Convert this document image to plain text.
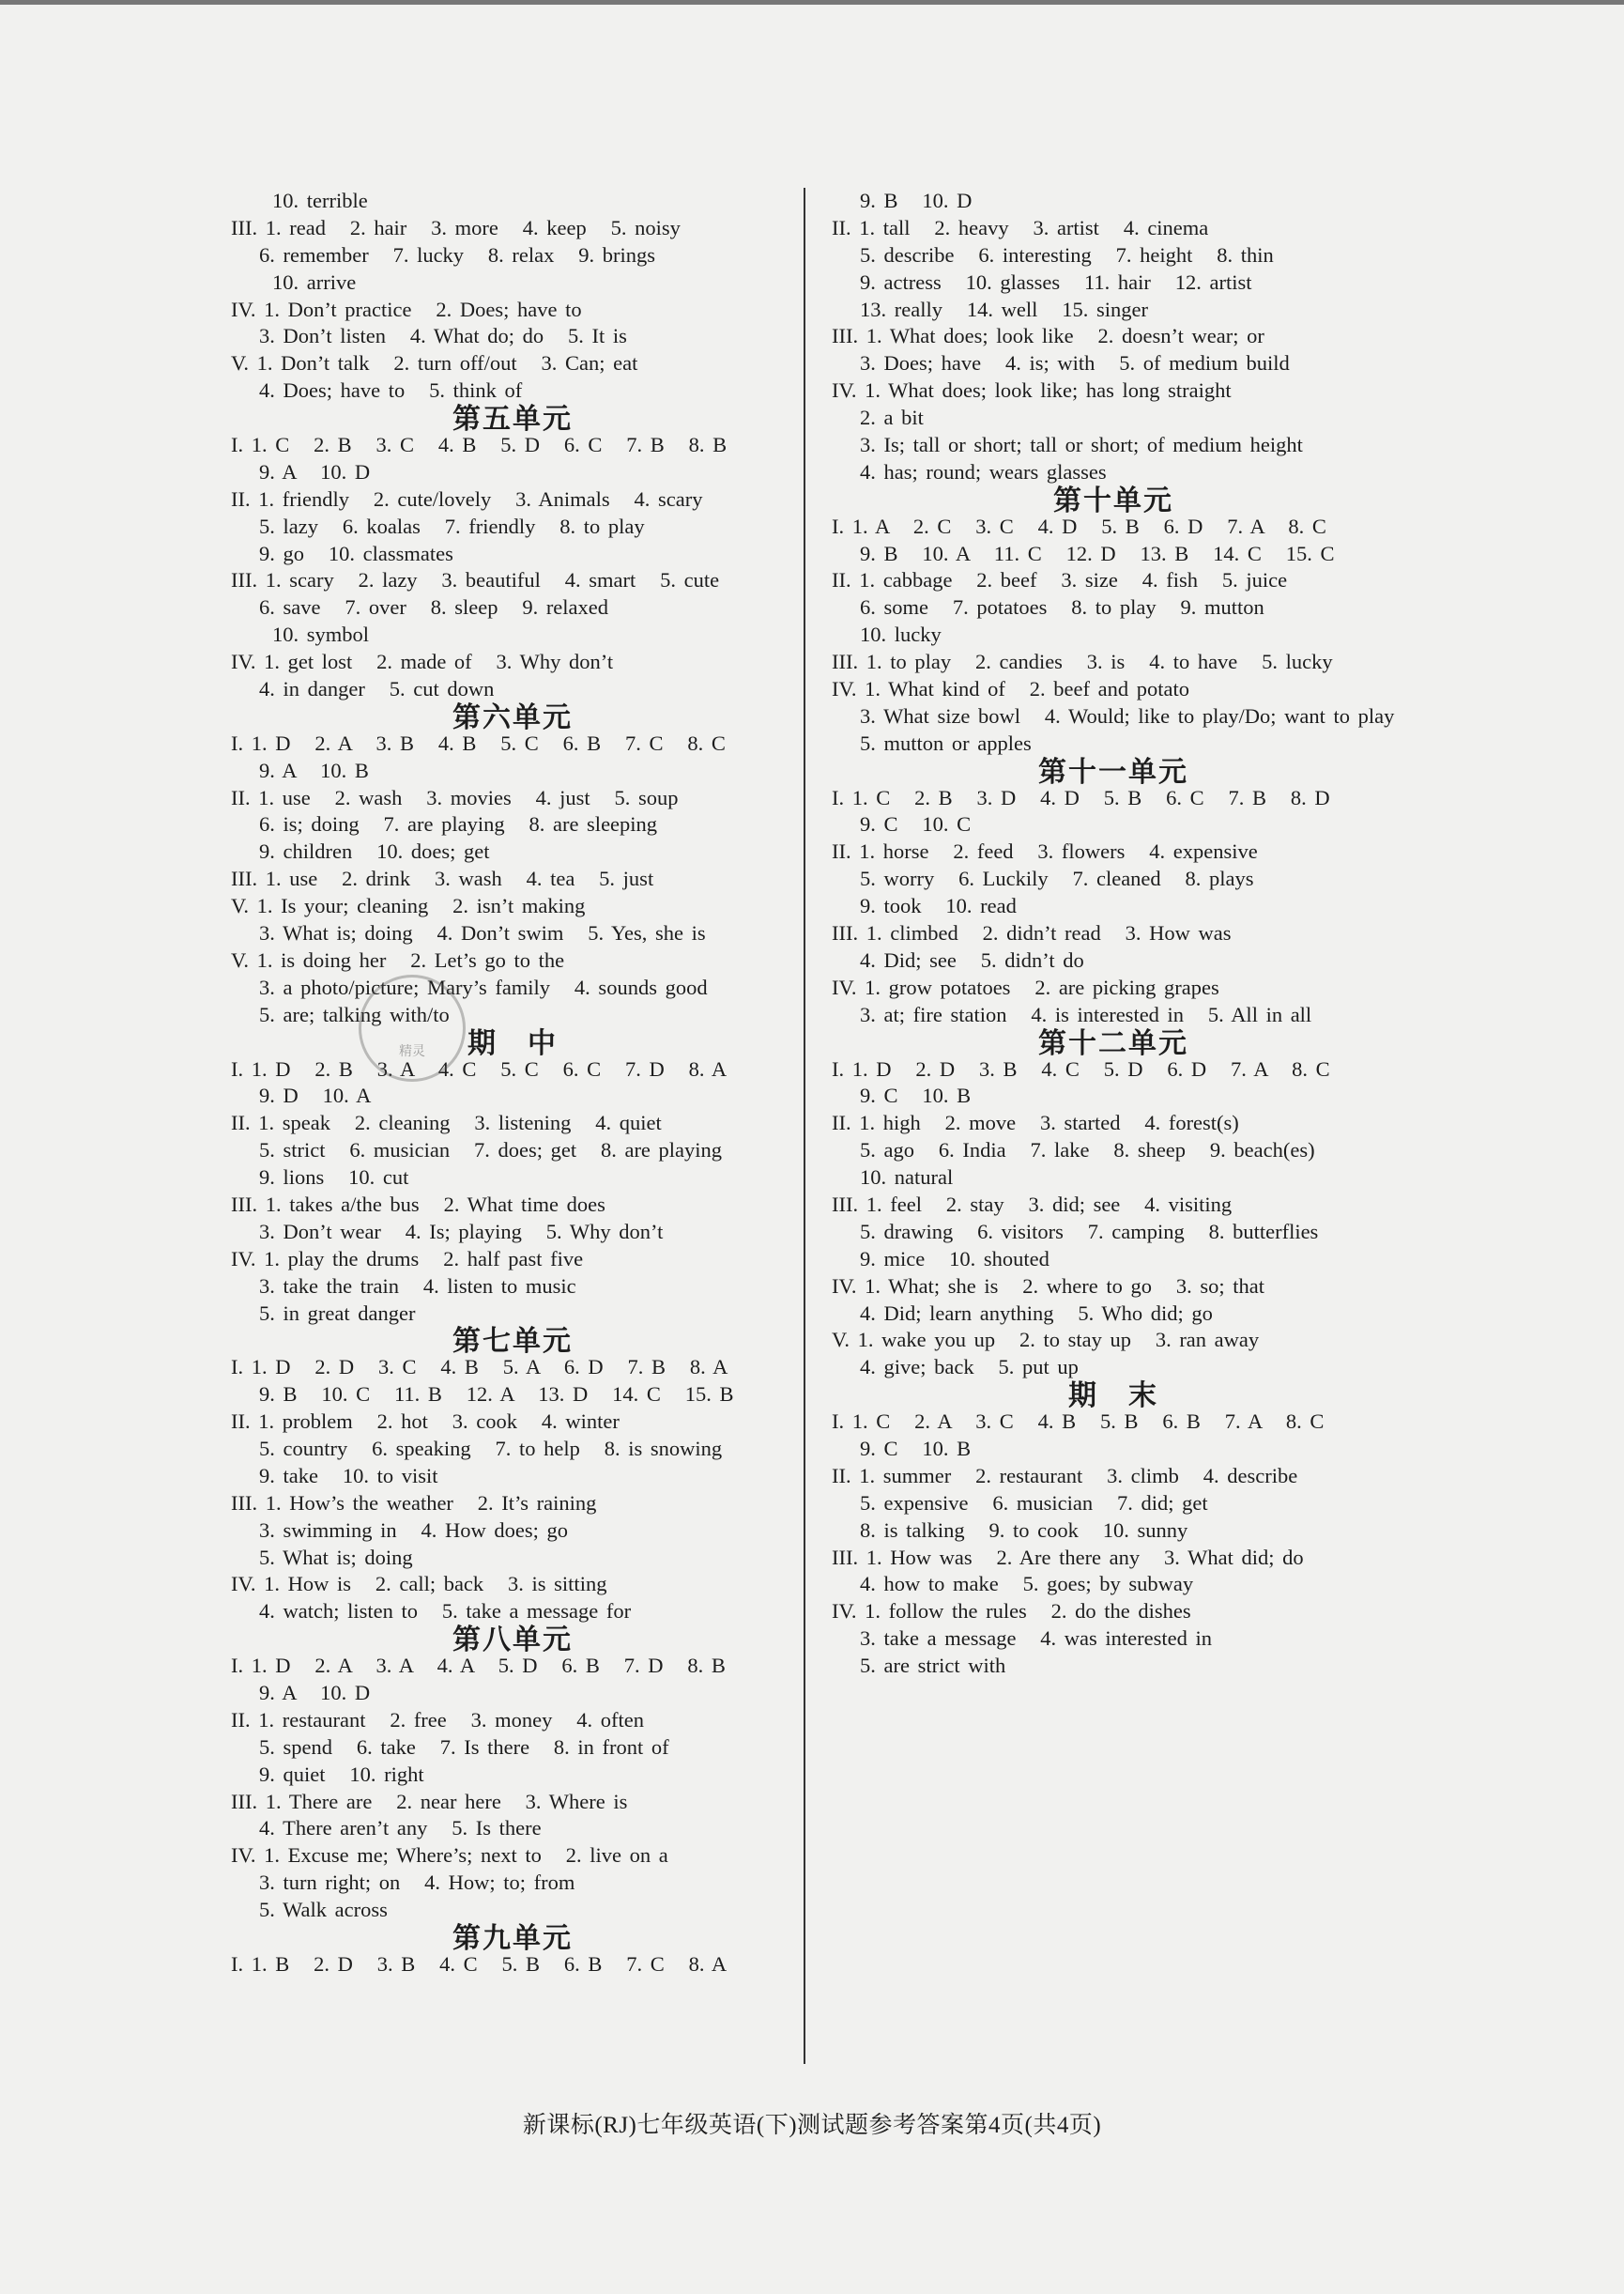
10. terrible
III. 1. read   2. hair   3. more   4. keep   5. noisy
6. remember   7. lucky   8. relax   9. brings
10. arrive
IV. 1. Don’t practice   2. Does; have to
3. Don’t listen   4. What do; do   5. It is
V. 1. Don’t talk   2. turn off/out   3. Can; eat
4. Does; have to   5. think of
第五单元
I. 1. C   2. B   3. C   4. B   5. D   6. C   7. B   8. B
9. A   10. D
II. 1. friendly   2. cute/lovely   3. Animals   4. scary
5. lazy   6. koalas   7. friendly   8. to play
9. go   10. classmates
III. 1. scary   2. lazy   3. beautiful   4. smart   5. cute
6. save   7. over   8. sleep   9. relaxed
10. symbol
IV. 1. get lost   2. made of   3. Why don’t
4. in danger   5. cut down
第六单元
I. 1. D   2. A   3. B   4. B   5. C   6. B   7. C   8. C
9. A   10. B
II. 1. use   2. wash   3. movies   4. just   5. soup
6. is; doing   7. are playing   8. are sleeping
9. children   10. does; get
III. 1. use   2. drink   3. wash   4. tea   5. just
V. 1. Is your; cleaning   2. isn’t making
3. What is; doing   4. Don’t swim   5. Yes, she is
V. 1. is doing her   2. Let’s go to the
3. a photo/picture; Mary’s family   4. sounds good
5. are; talking with/to
期　中
I. 1. D   2. B   3. A   4. C   5. C   6. C   7. D   8. A
9. D   10. A
II. 1. speak   2. cleaning   3. listening   4. quiet
5. strict   6. musician   7. does; get   8. are playing
9. lions   10. cut
III. 1. takes a/the bus   2. What time does
3. Don’t wear   4. Is; playing   5. Why don’t
IV. 1. play the drums   2. half past five
3. take the train   4. listen to music
5. in great danger
第七单元
I. 1. D   2. D   3. C   4. B   5. A   6. D   7. B   8. A
9. B   10. C   11. B   12. A   13. D   14. C   15. B
II. 1. problem   2. hot   3. cook   4. winter
5. country   6. speaking   7. to help   8. is snowing
9. take   10. to visit
III. 1. How’s the weather   2. It’s raining
3. swimming in   4. How does; go
5. What is; doing
IV. 1. How is   2. call; back   3. is sitting
4. watch; listen to   5. take a message for
第八单元
I. 1. D   2. A   3. A   4. A   5. D   6. B   7. D   8. B
9. A   10. D
II. 1. restaurant   2. free   3. money   4. often
5. spend   6. take   7. Is there   8. in front of
9. quiet   10. right
III. 1. There are   2. near here   3. Where is
4. There aren’t any   5. Is there
IV. 1. Excuse me; Where’s; next to   2. live on a
3. turn right; on   4. How; to; from
5. Walk across
第九单元
I. 1. B   2. D   3. B   4. C   5. B   6. B   7. C   8. A
9. B   10. D
II. 1. tall   2. heavy   3. artist   4. cinema
5. describe   6. interesting   7. height   8. thin
9. actress   10. glasses   11. hair   12. artist
13. really   14. well   15. singer
III. 1. What does; look like   2. doesn’t wear; or
3. Does; have   4. is; with   5. of medium build
IV. 1. What does; look like; has long straight
2. a bit
3. Is; tall or short; tall or short; of medium height
4. has; round; wears glasses
第十单元
I. 1. A   2. C   3. C   4. D   5. B   6. D   7. A   8. C
9. B   10. A   11. C   12. D   13. B   14. C   15. C
II. 1. cabbage   2. beef   3. size   4. fish   5. juice
6. some   7. potatoes   8. to play   9. mutton
10. lucky
III. 1. to play   2. candies   3. is   4. to have   5. lucky
IV. 1. What kind of   2. beef and potato
3. What size bowl   4. Would; like to play/Do; want to play
5. mutton or apples
第十一单元
I. 1. C   2. B   3. D   4. D   5. B   6. C   7. B   8. D
9. C   10. C
II. 1. horse   2. feed   3. flowers   4. expensive
5. worry   6. Luckily   7. cleaned   8. plays
9. took   10. read
III. 1. climbed   2. didn’t read   3. How was
4. Did; see   5. didn’t do
IV. 1. grow potatoes   2. are picking grapes
3. at; fire station   4. is interested in   5. All in all
第十二单元
I. 1. D   2. D   3. B   4. C   5. D   6. D   7. A   8. C
9. C   10. B
II. 1. high   2. move   3. started   4. forest(s)
5. ago   6. India   7. lake   8. sheep   9. beach(es)
10. natural
III. 1. feel   2. stay   3. did; see   4. visiting
5. drawing   6. visitors   7. camping   8. butterflies
9. mice   10. shouted
IV. 1. What; she is   2. where to go   3. so; that
4. Did; learn anything   5. Who did; go
V. 1. wake you up   2. to stay up   3. ran away
4. give; back   5. put up
期　末
I. 1. C   2. A   3. C   4. B   5. B   6. B   7. A   8. C
9. C   10. B
II. 1. summer   2. restaurant   3. climb   4. describe
5. expensive   6. musician   7. did; get
8. is talking   9. to cook   10. sunny
III. 1. How was   2. Are there any   3. What did; do
4. how to make   5. goes; by subway
IV. 1. follow the rules   2. do the dishes
3. take a message   4. was interested in
5. are strict with
精灵
新课标(RJ)七年级英语(下)测试题参考答案第4页(共4页)
